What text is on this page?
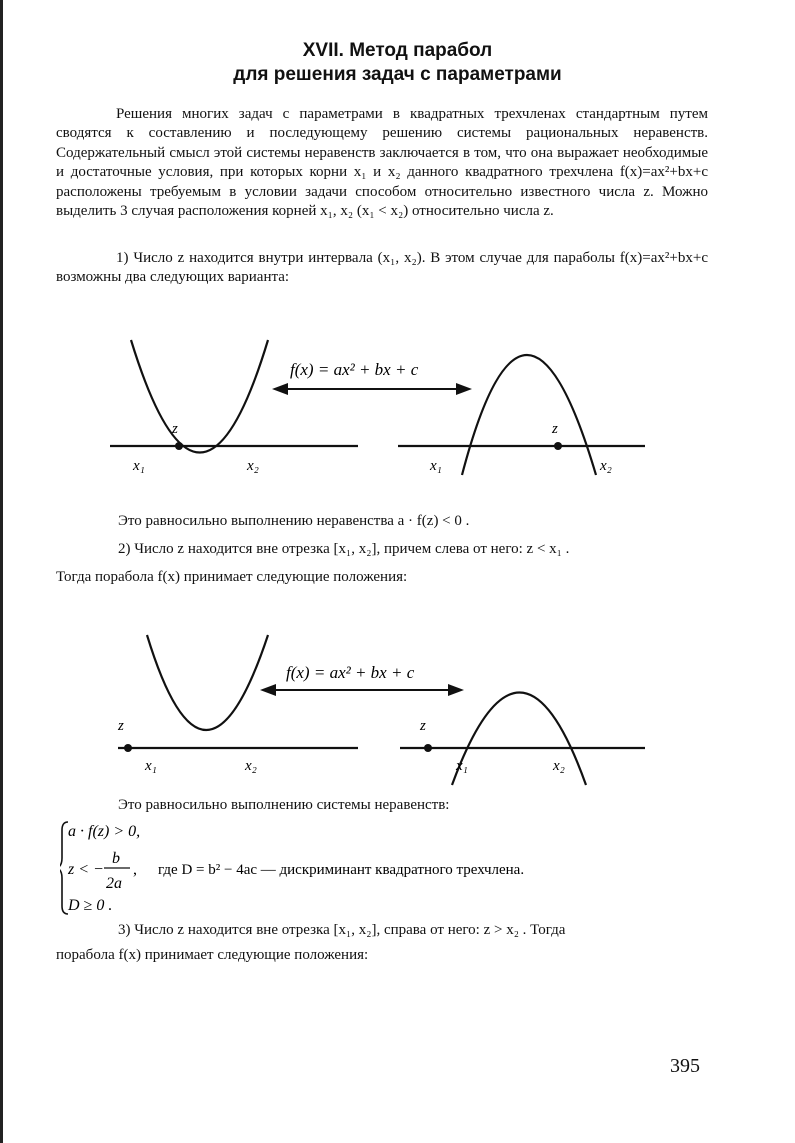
XVII. Метод парабол
для решения задач с параметрами
Решения многих задач с параметрами в квадратных трехчленах стандартным путем сводятся к составлению и последующему решению системы рациональных неравенств. Содержательный смысл этой системы неравенств заключается в том, что она выражает необходимые и достаточные условия, при которых корни x₁ и x₂ данного квадратного трехчлена f(x)=ax²+bx+c расположены требуемым в условии задачи способом относительно известного числа z. Можно выделить 3 случая расположения корней x₁, x₂ (x₁ < x₂) относительно числа z.
1) Число z находится внутри интервала (x₁, x₂). В этом случае для параболы f(x)=ax²+bx+c возможны два следующих варианта:
f(x) = ax² + bx + c
z	z
x₁	x₂	x₁	x₂
Это равносильно выполнению неравенства a · f(z) < 0 .
2) Число z находится вне отрезка [x₁, x₂], причем слева от него: z < x₁ .
Тогда порабола f(x) принимает следующие положения:
f(x) = ax² + bx + c
z	z
x₁	x₂	x₁	x₂
Это равносильно выполнению системы неравенств:
a · f(z) > 0,
z < −
b
2a
,
D ≥ 0 .
где D = b² − 4ac — дискриминант квадратного трехчлена.
3) Число z находится вне отрезка [x₁, x₂], справа от него: z > x₂ . Тогда
порабола f(x) принимает следующие положения:
395
